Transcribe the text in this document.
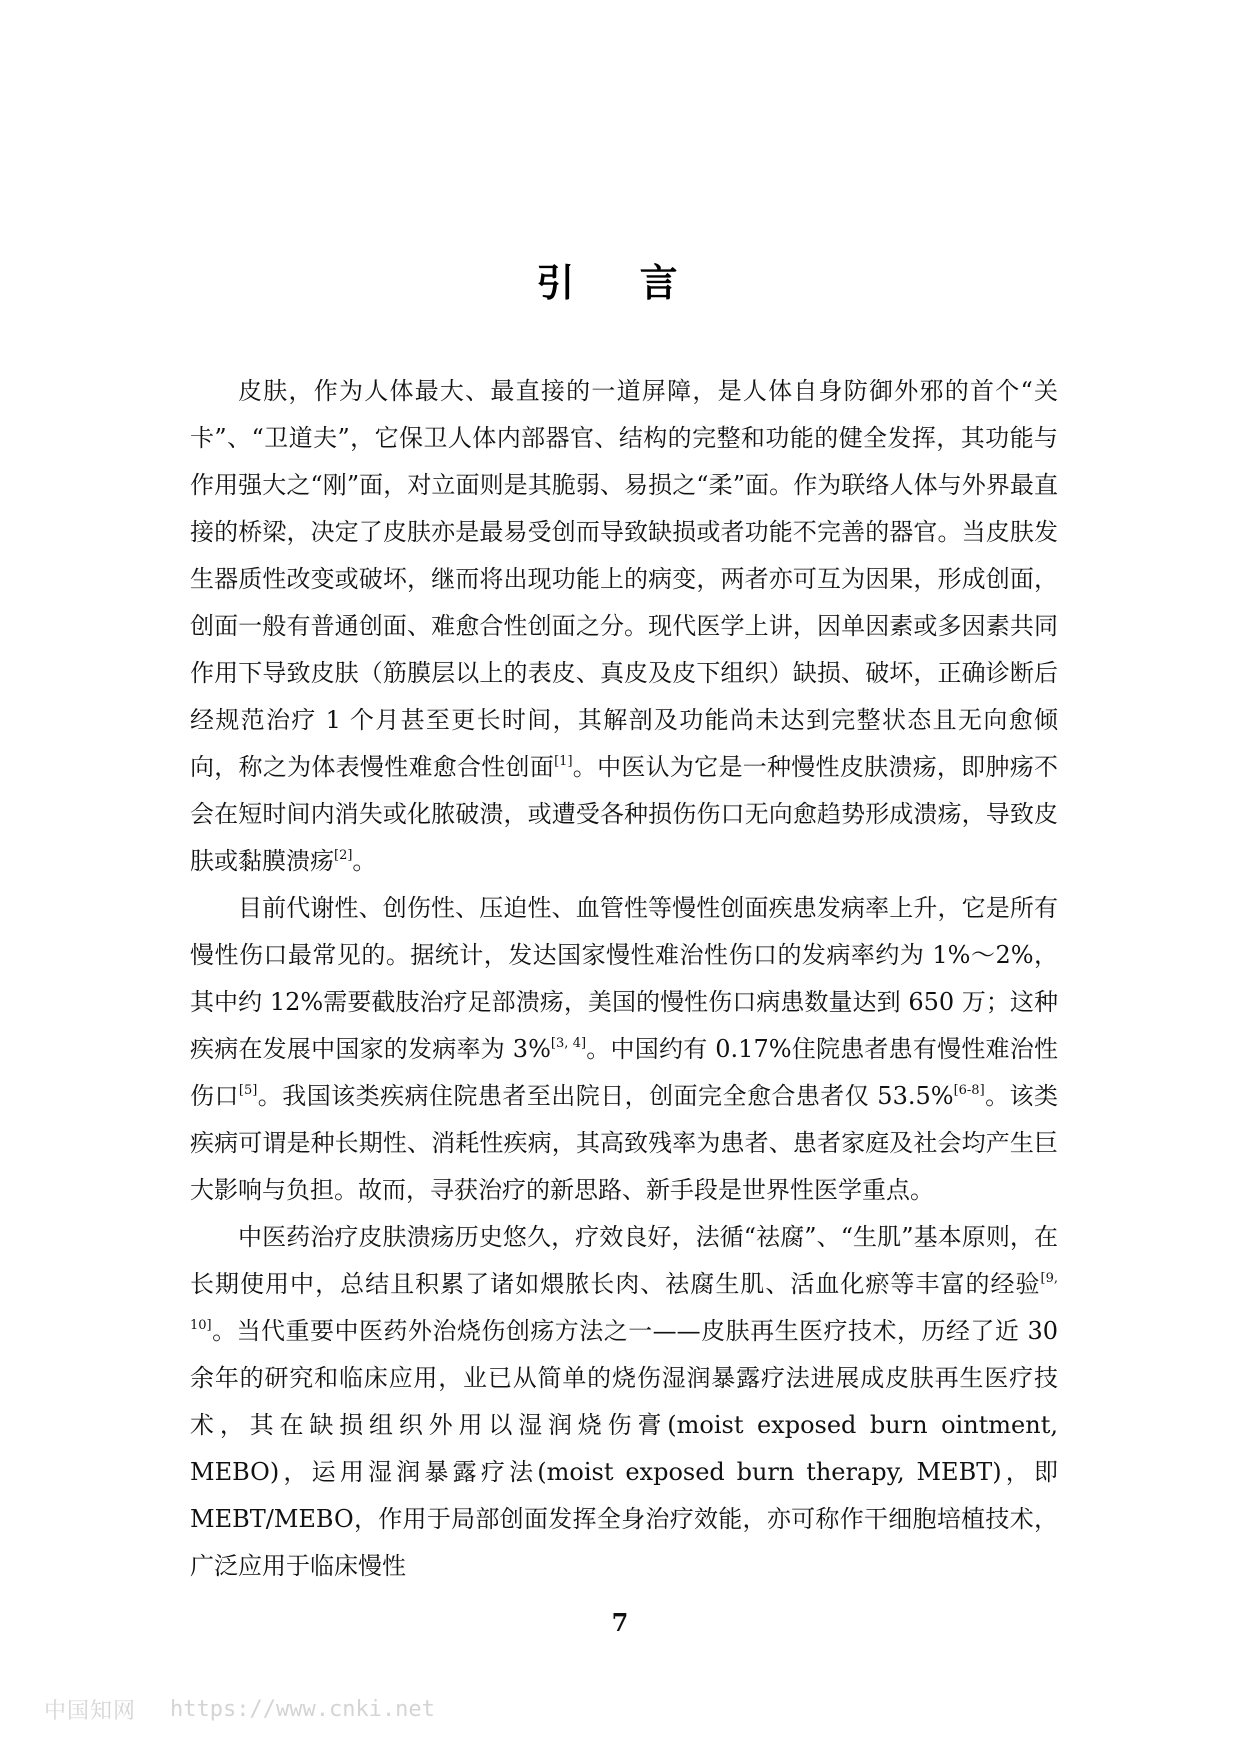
引 言

皮肤，作为人体最大、最直接的一道屏障，是人体自身防御外邪的首个“关卡”、“卫道夫”，它保卫人体内部器官、结构的完整和功能的健全发挥，其功能与作用强大之“刚”面，对立面则是其脆弱、易损之“柔”面。作为联络人体与外界最直接的桥梁，决定了皮肤亦是最易受创而导致缺损或者功能不完善的器官。当皮肤发生器质性改变或破坏，继而将出现功能上的病变，两者亦可互为因果，形成创面，创面一般有普通创面、难愈合性创面之分。现代医学上讲，因单因素或多因素共同作用下导致皮肤（筋膜层以上的表皮、真皮及皮下组织）缺损、破坏，正确诊断后经规范治疗 1 个月甚至更长时间，其解剖及功能尚未达到完整状态且无向愈倾向，称之为体表慢性难愈合性创面[1]。中医认为它是一种慢性皮肤溃疡，即肿疡不会在短时间内消失或化脓破溃，或遭受各种损伤伤口无向愈趋势形成溃疡，导致皮肤或黏膜溃疡[2]。

目前代谢性、创伤性、压迫性、血管性等慢性创面疾患发病率上升，它是所有慢性伤口最常见的。据统计，发达国家慢性难治性伤口的发病率约为 1%～2%，其中约 12%需要截肢治疗足部溃疡，美国的慢性伤口病患数量达到 650 万；这种疾病在发展中国家的发病率为 3%[3, 4]。中国约有 0.17%住院患者患有慢性难治性伤口[5]。我国该类疾病住院患者至出院日，创面完全愈合患者仅 53.5%[6-8]。该类疾病可谓是种长期性、消耗性疾病，其高致残率为患者、患者家庭及社会均产生巨大影响与负担。故而，寻获治疗的新思路、新手段是世界性医学重点。

中医药治疗皮肤溃疡历史悠久，疗效良好，法循“祛腐”、“生肌”基本原则，在长期使用中，总结且积累了诸如煨脓长肉、祛腐生肌、活血化瘀等丰富的经验[9, 10]。当代重要中医药外治烧伤创疡方法之一——皮肤再生医疗技术，历经了近 30 余年的研究和临床应用，业已从简单的烧伤湿润暴露疗法进展成皮肤再生医疗技术，其在缺损组织外用以湿润烧伤膏(moist exposed burn ointment, MEBO)，运用湿润暴露疗法(moist exposed burn therapy, MEBT)，即 MEBT/MEBO，作用于局部创面发挥全身治疗效能，亦可称作干细胞培植技术，广泛应用于临床慢性

7
中国知网 https://www.cnki.net
